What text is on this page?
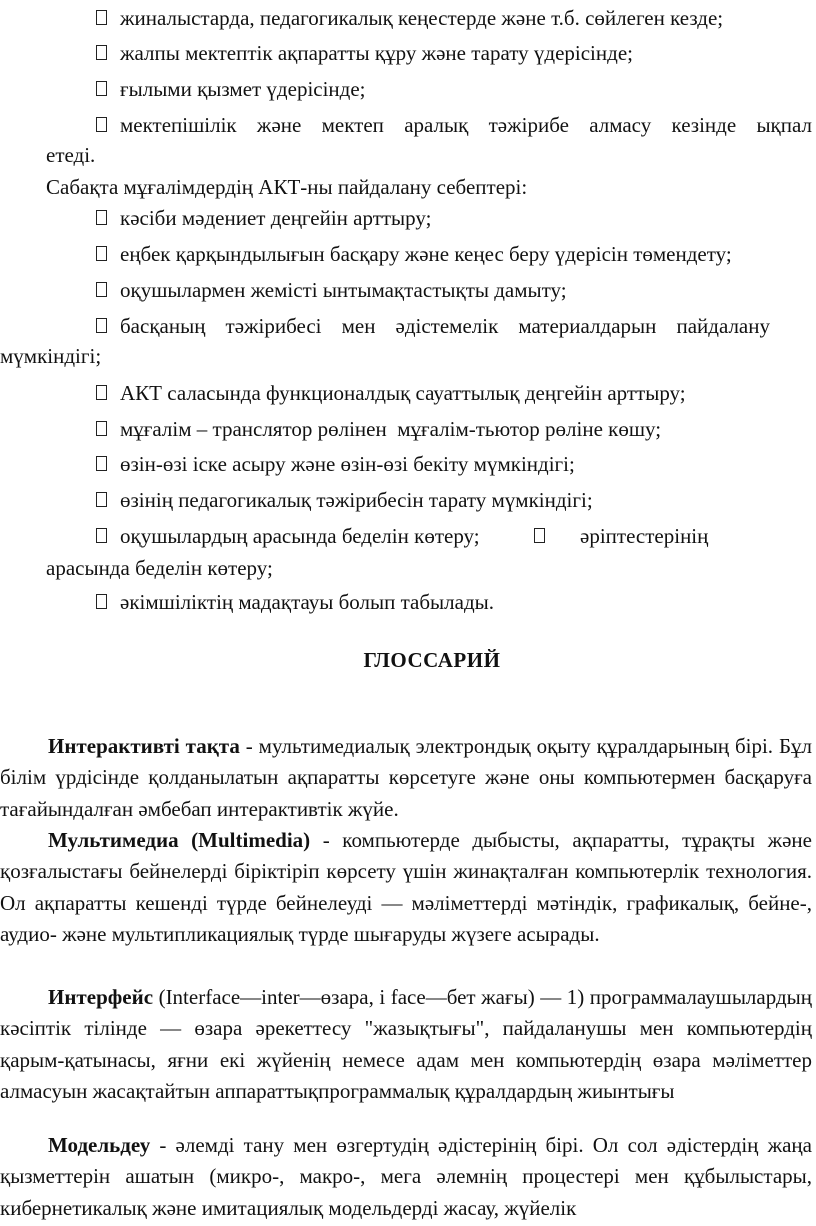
жиналыстарда, педагогикалық кеңестерде және т.б. сөйлеген кезде;
жалпы мектептік ақпаратты құру және тарату үдерісінде;
ғылыми қызмет үдерісінде;
мектепішілік және мектеп аралық тәжірибе алмасу кезінде ықпал
етеді.
Сабақта мұғалімдердің АКТ-ны пайдалану себептері:
кәсіби мәдениет деңгейін арттыру;
еңбек қарқындылығын басқару және кеңес беру үдерісін төмендету;
оқушылармен жемісті ынтымақтастықты дамыту;
басқаның тәжірибесі мен әдістемелік материалдарын пайдалану
мүмкіндігі;
АКТ саласында функционалдық сауаттылық деңгейін арттыру;
мұғалім – транслятор рөлінен  мұғалім-тьютор рөліне көшу;
өзін-өзі іске асыру және өзін-өзі бекіту мүмкіндігі;
өзінің педагогикалық тәжірибесін тарату мүмкіндігі;
оқушылардың арасында беделін көтеру;	әріптестерінің
арасында беделін көтеру;
әкімшіліктің мадақтауы болып табылады.
ГЛОССАРИЙ
Интерактивті тақта - мультимедиалық электрондық оқыту құралдарының бірі. Бұл білім үрдісінде қолданылатын ақпаратты көрсетуге және оны компьютермен басқаруға тағайындалған әмбебап интерактивтік жүйе.
Мультимедиа (Multimedia) - компьютерде дыбысты, ақпаратты, тұрақты және қозғалыстағы бейнелерді біріктіріп көрсету үшін жинақталған компьютерлік технология. Ол ақпаратты кешенді түрде бейнелеуді — мәліметтерді мәтіндік, графикалық, бейне-, аудио- және мультипликациялық түрде шығаруды жүзеге асырады.
Интерфейс (Interface—inter—өзара, і face—бет жағы) — 1) программалаушылардың кәсіптік тілінде — өзара әрекеттесу "жазықтығы", пайдаланушы мен компьютердің қарым-қатынасы, яғни екі жүйенің немесе адам мен компьютердің өзара мәліметтер алмасуын жасақтайтын аппараттықпрограммалық құралдардың жиынтығы
Модельдеу - әлемді тану мен өзгертудің әдістерінің бірі. Ол сол әдістердің жаңа қызметтерін ашатын (микро-, макро-, мега әлемнің процестері мен құбылыстары, кибернетикалық және имитациялық модельдерді жасау, жүйелік
